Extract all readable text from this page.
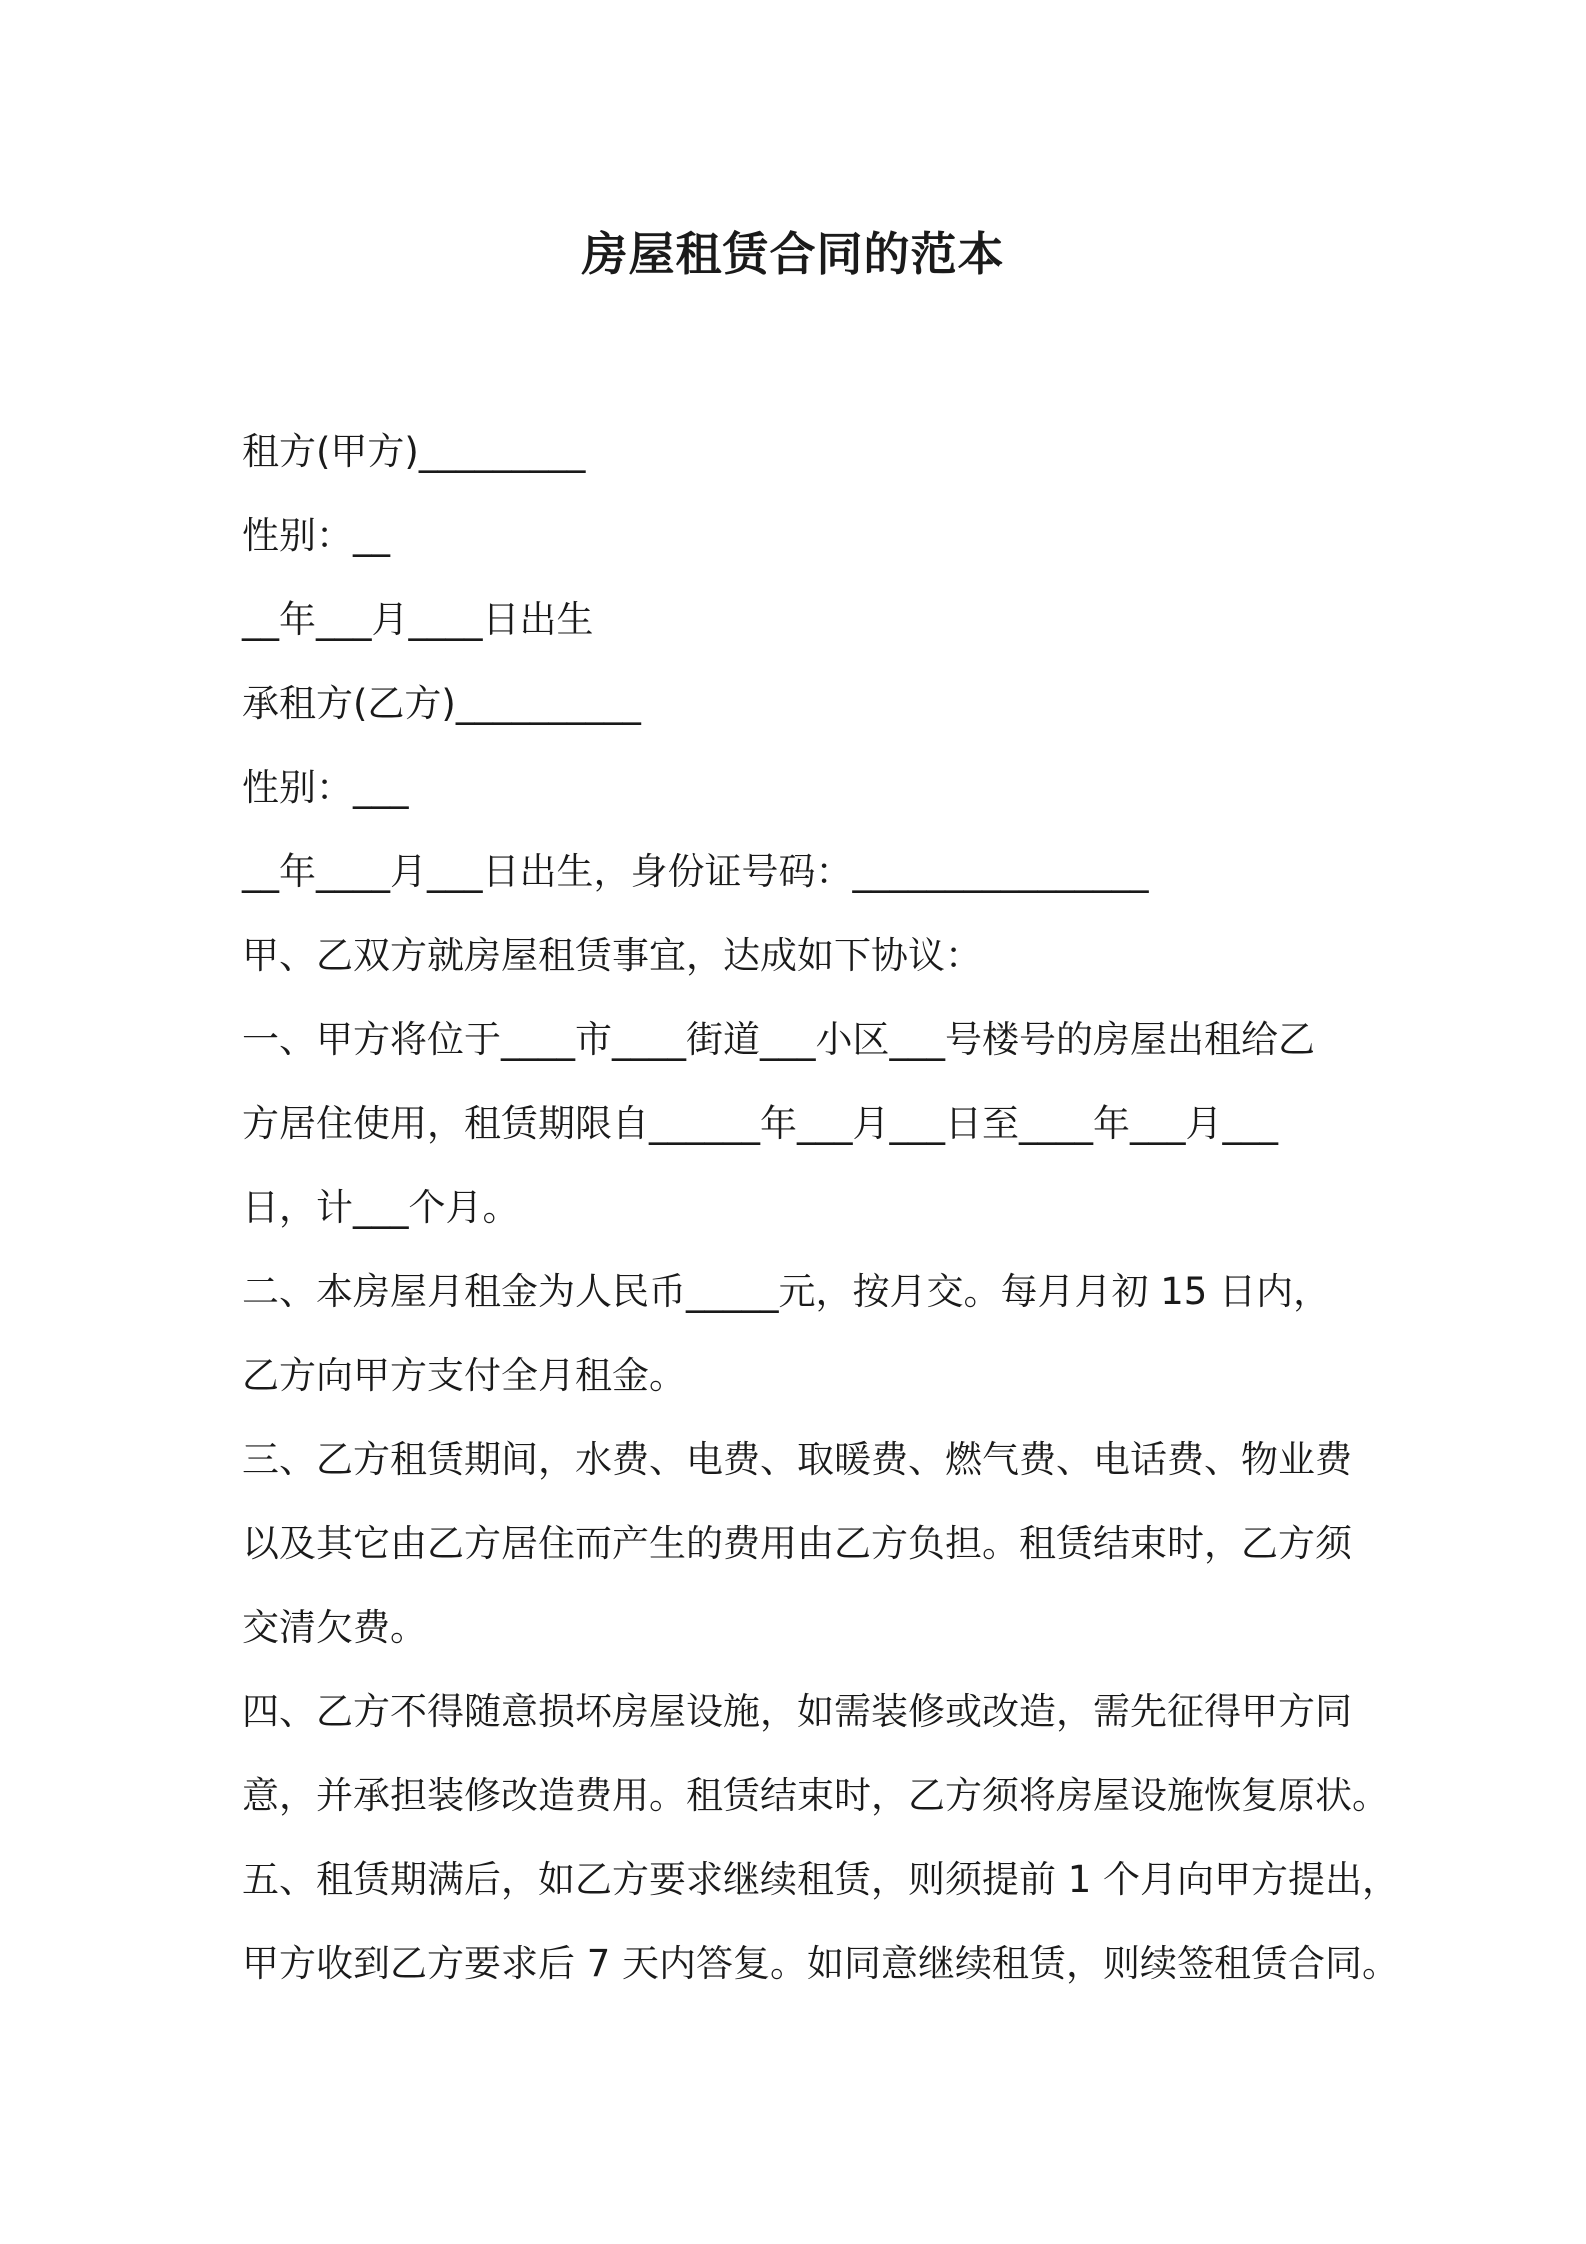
房屋租赁合同的范本

租方(甲方)_________

性别：__

__年___月____日出生

承租方(乙方)__________

性别：___

__年____月___日出生，身份证号码：________________

甲、乙双方就房屋租赁事宜，达成如下协议：

一、甲方将位于____市____街道___小区___号楼号的房屋出租给乙

方居住使用，租赁期限自______年___月___日至____年___月___

日，计___个月。

二、本房屋月租金为人民币_____元，按月交。每月月初 15 日内，

乙方向甲方支付全月租金。

三、乙方租赁期间，水费、电费、取暖费、燃气费、电话费、物业费

以及其它由乙方居住而产生的费用由乙方负担。租赁结束时，乙方须

交清欠费。

四、乙方不得随意损坏房屋设施，如需装修或改造，需先征得甲方同

意，并承担装修改造费用。租赁结束时，乙方须将房屋设施恢复原状。

五、租赁期满后，如乙方要求继续租赁，则须提前 1 个月向甲方提出，

甲方收到乙方要求后 7 天内答复。如同意继续租赁，则续签租赁合同。
